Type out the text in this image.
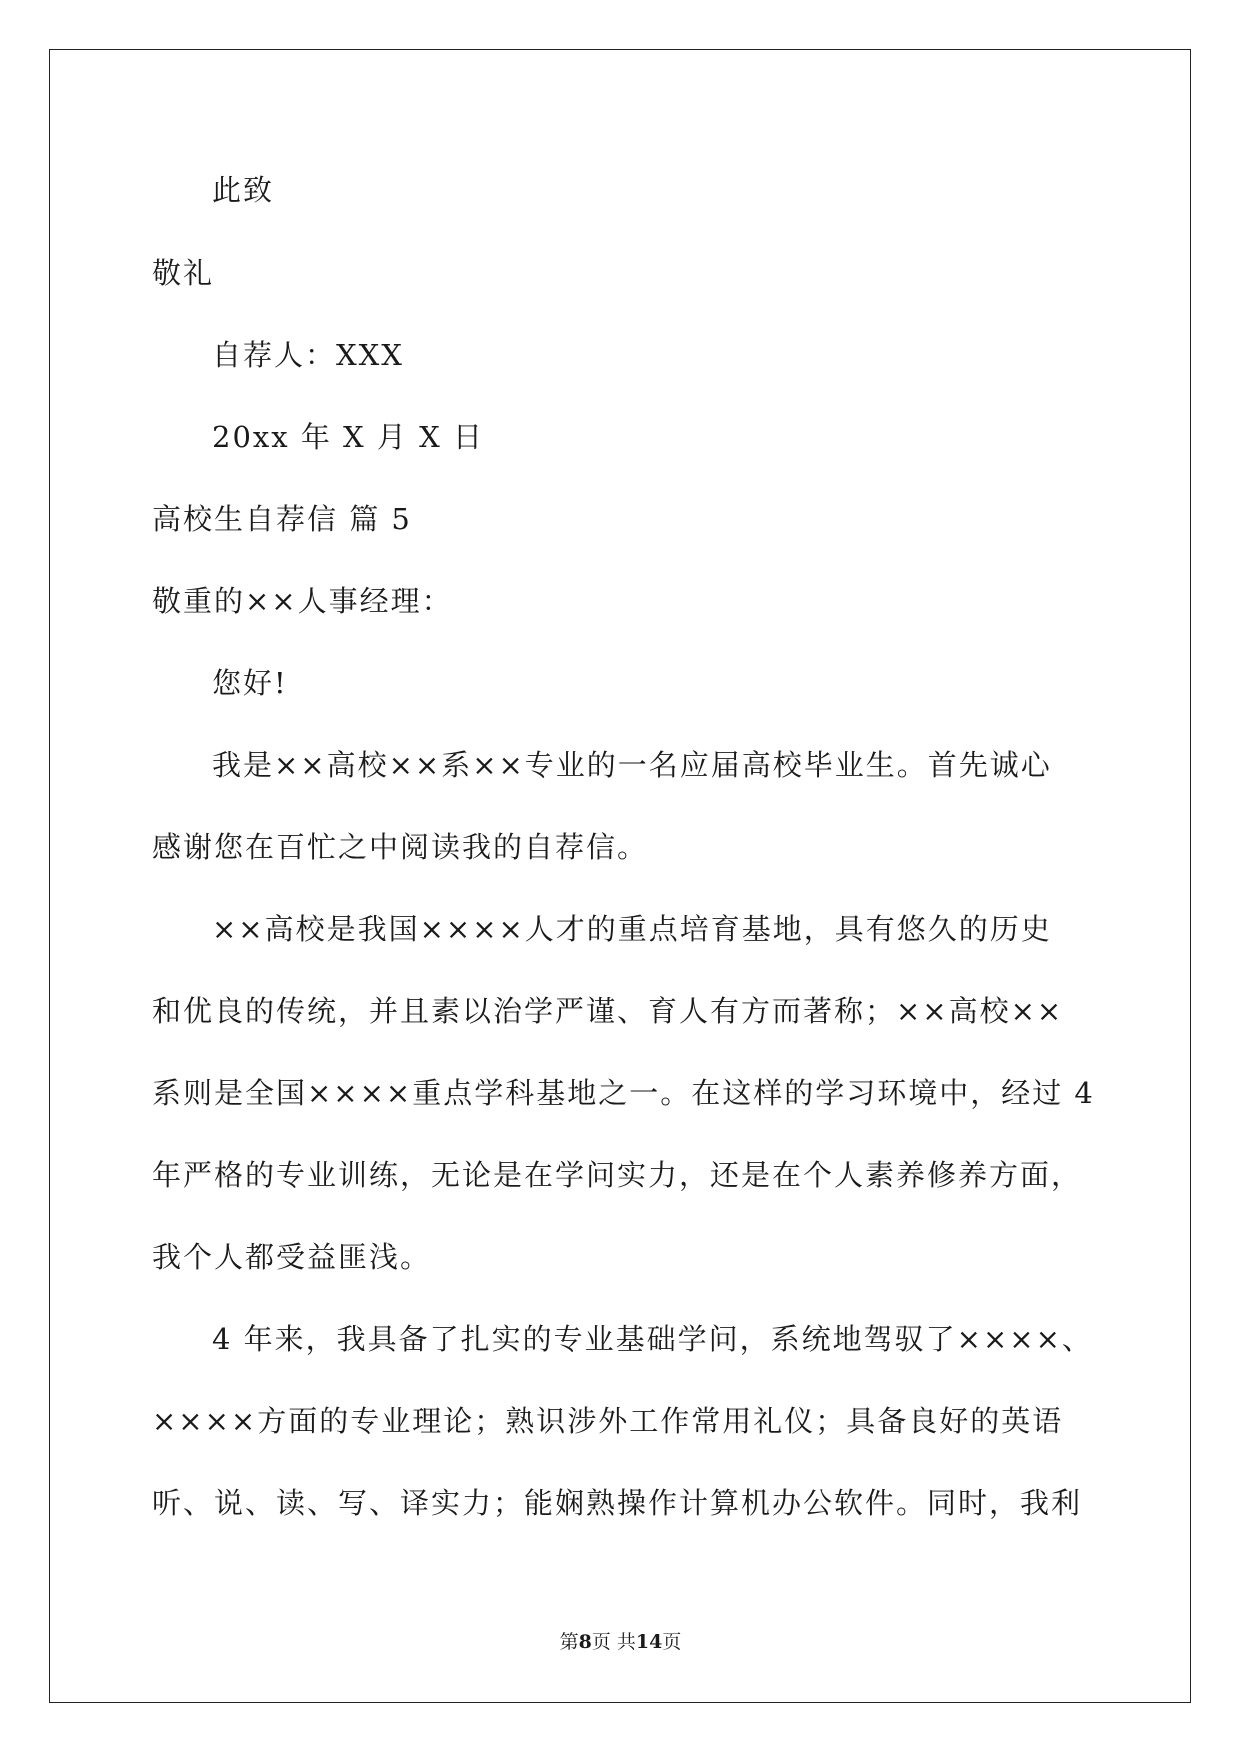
此致
敬礼
自荐人：XXX
20xx 年 X 月 X 日
高校生自荐信 篇 5
敬重的××人事经理：
您好!
我是××高校××系××专业的一名应届高校毕业生。首先诚心
感谢您在百忙之中阅读我的自荐信。
××高校是我国××××人才的重点培育基地，具有悠久的历史
和优良的传统，并且素以治学严谨、育人有方而著称；××高校××
系则是全国××××重点学科基地之一。在这样的学习环境中，经过 4
年严格的专业训练，无论是在学问实力，还是在个人素养修养方面，
我个人都受益匪浅。
4 年来，我具备了扎实的专业基础学问，系统地驾驭了××××、
××××方面的专业理论；熟识涉外工作常用礼仪；具备良好的英语
听、说、读、写、译实力；能娴熟操作计算机办公软件。同时，我利
第8页 共14页
